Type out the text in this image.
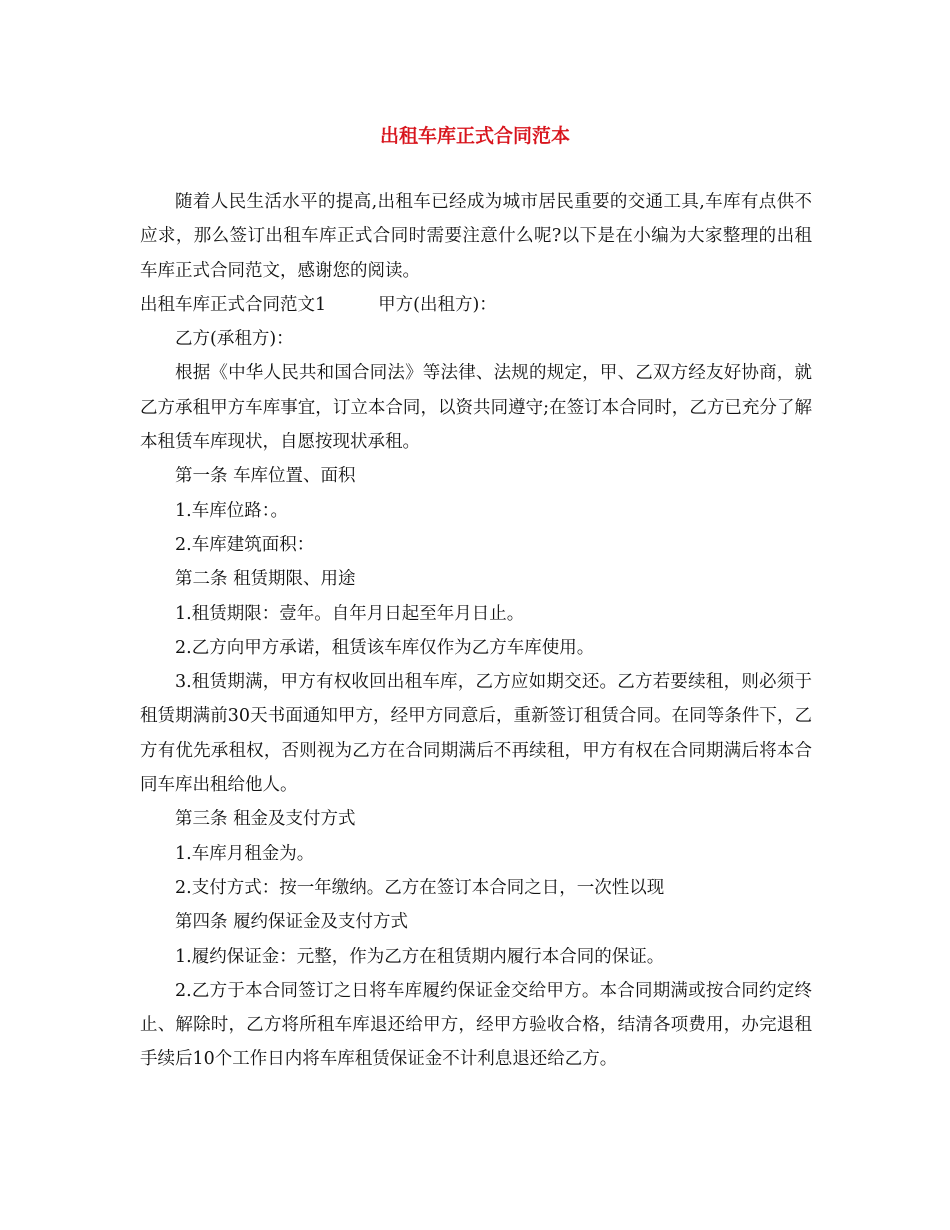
出租车库正式合同范本

随着人民生活水平的提高,出租车已经成为城市居民重要的交通工具,车库有点供不应求，那么签订出租车库正式合同时需要注意什么呢?以下是在小编为大家整理的出租车库正式合同范文，感谢您的阅读。

出租车库正式合同范文1	甲方(出租方)：

乙方(承租方)：

根据《中华人民共和国合同法》等法律、法规的规定，甲、乙双方经友好协商，就乙方承租甲方车库事宜，订立本合同，以资共同遵守;在签订本合同时，乙方已充分了解本租赁车库现状，自愿按现状承租。

第一条 车库位置、面积

1.车库位路：。

2.车库建筑面积：

第二条 租赁期限、用途

1.租赁期限：壹年。自年月日起至年月日止。

2.乙方向甲方承诺，租赁该车库仅作为乙方车库使用。

3.租赁期满，甲方有权收回出租车库，乙方应如期交还。乙方若要续租，则必须于租赁期满前30天书面通知甲方，经甲方同意后，重新签订租赁合同。在同等条件下，乙方有优先承租权，否则视为乙方在合同期满后不再续租，甲方有权在合同期满后将本合同车库出租给他人。

第三条 租金及支付方式

1.车库月租金为。

2.支付方式：按一年缴纳。乙方在签订本合同之日，一次性以现

第四条 履约保证金及支付方式

1.履约保证金：元整，作为乙方在租赁期内履行本合同的保证。

2.乙方于本合同签订之日将车库履约保证金交给甲方。本合同期满或按合同约定终止、解除时，乙方将所租车库退还给甲方，经甲方验收合格，结清各项费用，办完退租手续后10个工作日内将车库租赁保证金不计利息退还给乙方。
